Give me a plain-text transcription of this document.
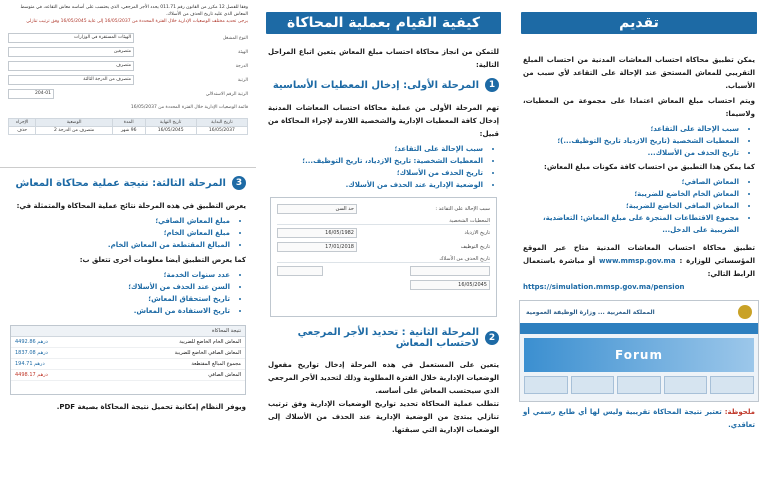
تقديم

يمكن تطبيق محاكاة احتساب المعاشات المدنية من احتساب المبلغ التقريبي للمعاش المستحق عند الإحالة على التقاعد لأي سبب من الأسباب.

ويتم احتساب مبلغ المعاش اعتمادا على مجموعة من المعطيات، ولاسيما:

• سبب الإحالة على التقاعد؛
• المعطيات الشخصية (تاريخ الازدياد تاريخ التوظيف...)؛
• تاريخ الحذف من الأسلاك...

كما يمكن هذا التطبيق من احتساب كافة مكونات مبلغ المعاش:

• المعاش الصافي؛
• المعاش الخام الخاضع للضريبة؛
• المعاش الصافي الخاضع للضريبة؛
• مجموع الاقتطاعات المنجزة على مبلغ المعاش: التعاضدية، الضريبية على الدخل...

تطبيق محاكاة احتساب المعاشات المدنية متاح عبر الموقع المؤسساتي للوزارة : www.mmsp.gov.ma أو مباشرة باستعمال الرابط التالي:

https://simulation.mmsp.gov.ma/pension

المملكة المغربية ... وزارة الوظيفة العمومية
Forum

ملحوظة: تعتبر نتيجة المحاكاة تقريبية وليس لها أي طابع رسمي أو تعاقدي.

كيفية القيام بعملية المحاكاة

للتمكن من انجاز محاكاة احتساب مبلغ المعاش يتعين اتباع المراحل التالية:

1
المرحلة الأولى: إدخال المعطيات الأساسية

تهم المرحلة الأولى من عملية محاكاة احتساب المعاشات المدنية إدخال كافة المعطيات الإدارية والشخصية اللازمة لإجراء المحاكاة من قبيل:

• سبب الإحالة على التقاعد؛
• المعطيات الشخصية: تاريخ الازدياد، تاريخ التوظيف...؛
• تاريخ الحذف من الأسلاك؛
• الوضعية الإدارية عند الحذف من الأسلاك.
سبب الإحالة على التقاعد :
حد السن
المعطيات الشخصية
تاريخ الازدياد
16/05/1982
تاريخ التوظيف
17/01/2018
تاريخ الحذف من الأسلاك
16/05/2045
2
المرحلة الثانية : تحديد الأجر المرجعي لاحتساب المعاش

يتعين على المستعمل في هذه المرحلة إدخال تواريخ مفعول الوضعيات الإدارية خلال الفترة المطلوبة وذلك لتحديد الأجر المرجعي الذي سيحتسب المعاش على أساسه.

تتطلب عملية المحاكاة تحديد تواريخ الوضعيات الإدارية وفق ترتيب تنازلي يبتدئ من الوضعية الإدارية عند الحذف من الأسلاك إلى الوضعيات الإدارية التي سبقتها.

وفقا للفصل 12 مكرر من القانون رقم 011.71 يحدد الأجر المرجعي، الذي يحتسب على أساسه معاش التقاعد، في متوسط
المعاش الذي عليه تاريخ الحذف من الأسلاك.
يرجى تحديد مختلف الوضعيات الإدارية خلال الفترة المحددة من 16/05/2037 إلى غاية 16/05/2045 وفق ترتيب تنازلي
النوع المشغل
الهيئات المستقرة في الوزارات
الهيئة
متصرفين
الدرجة
متصرف
الرتبة
متصرف من الدرجة الثالثة
الرتبة الرقم الاستدلالي
204-01
قائمة الوضعيات الإدارية خلال الفترة المحددة من 16/05/2037
تاريخ البداية	تاريخ النهاية	المدة	الوضعية	الإجراء
16/05/2037	16/05/2045	96 شهر	متصرف من الدرجة 2	حذف
3
المرحلة الثالثة: نتيجة عملية محاكاة المعاش

يعرض التطبيق في هذه المرحلة نتائج عملية المحاكاة والمتمثلة في:

• مبلغ المعاش الصافي؛
• مبلغ المعاش الخام؛
• المبالغ المقتطعة من المعاش الخام.

كما يعرض التطبيق أيضا معلومات أخرى تتعلق ب:

• عدد سنوات الخدمة؛
• السن عند الحذف من الأسلاك؛
• تاريخ استحقاق المعاش؛
• تاريخ الاستفادة من المعاش.
نتيجة المحاكاة
المعاش الخام الخاضع للضريبة
4492.86 درهم
المعاش الصافي الخاضع للضريبة
1837.08 درهم
مجموع المبالغ المقتطعة
194.71 درهم
المعاش الصافي
4498.17 درهم

ويوفر النظام إمكانية تحميل نتيجة المحاكاة بصيغة PDF.
